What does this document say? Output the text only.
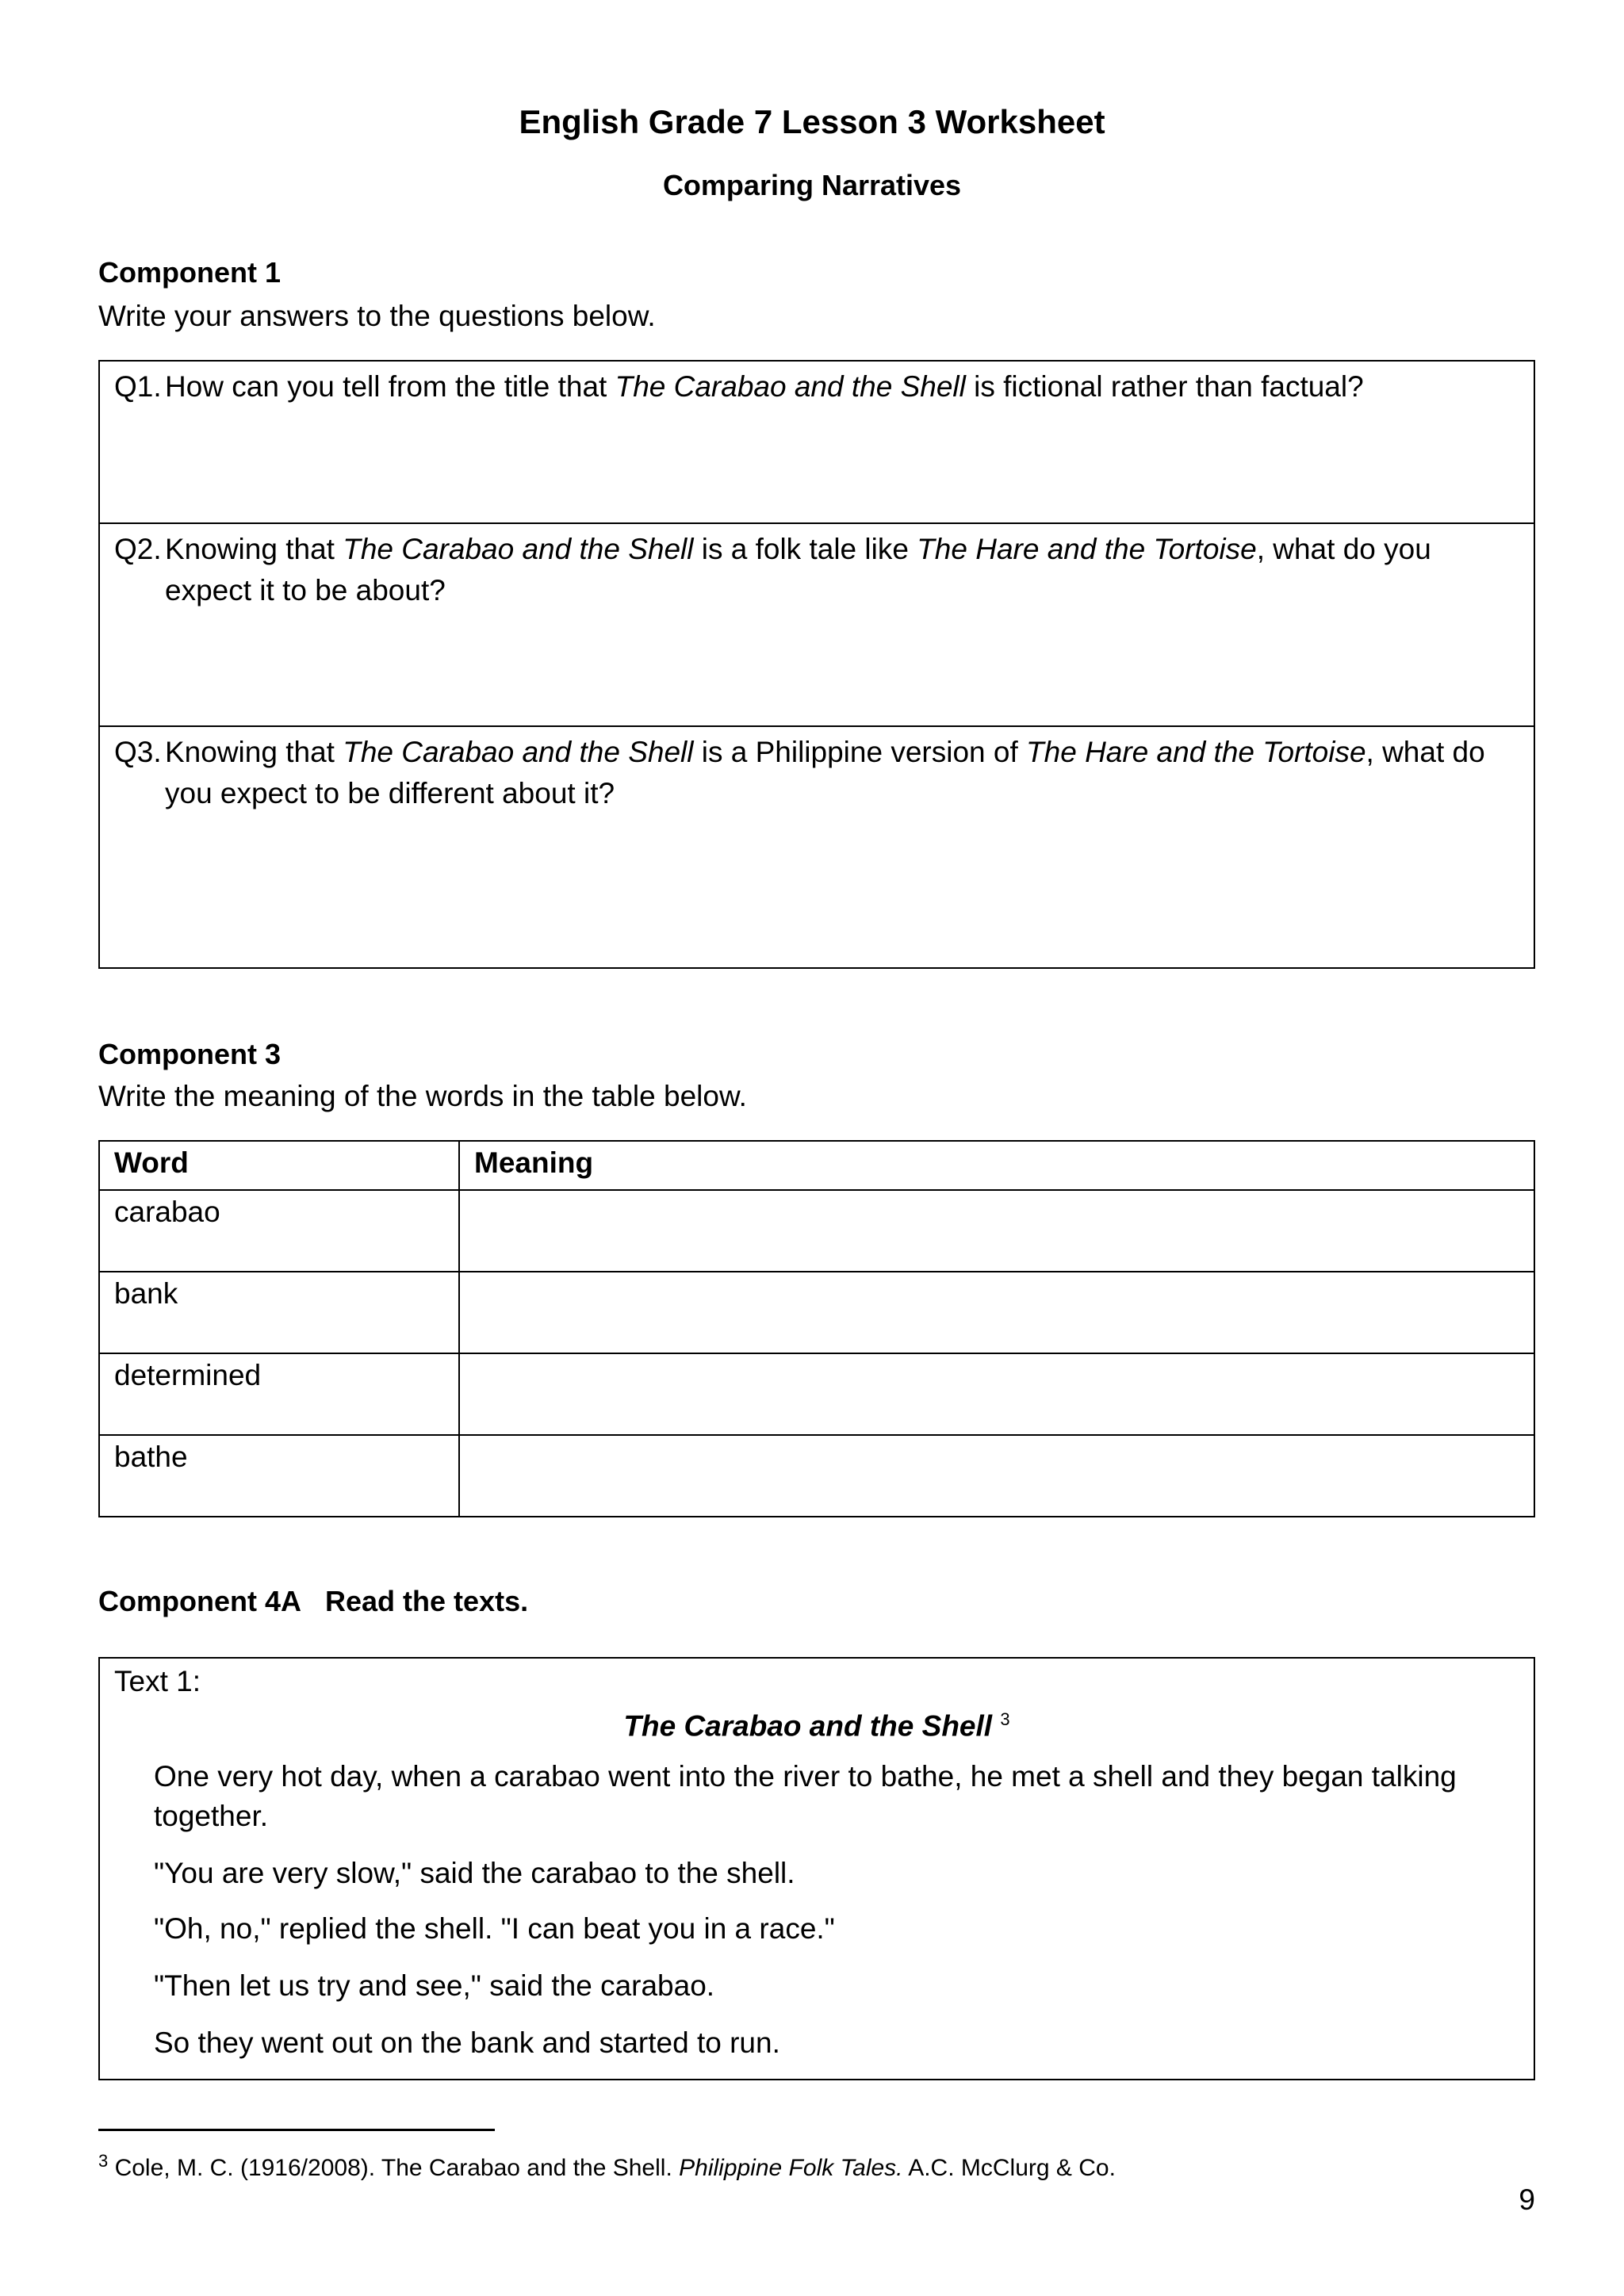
English Grade 7 Lesson 3 Worksheet
Comparing Narratives
Component 1
Write your answers to the questions below.
Q1. How can you tell from the title that The Carabao and the Shell is fictional rather than factual?
Q2. Knowing that The Carabao and the Shell is a folk tale like The Hare and the Tortoise, what do you expect it to be about?
Q3. Knowing that The Carabao and the Shell is a Philippine version of The Hare and the Tortoise, what do you expect to be different about it?
Component 3
Write the meaning of the words in the table below.
Word	Meaning
carabao	
bank	
determined	
bathe	
Component 4A Read the texts.
Text 1:
The Carabao and the Shell $^3$
One very hot day, when a carabao went into the river to bathe, he met a shell and they began talking together.
"You are very slow," said the carabao to the shell.
"Oh, no," replied the shell. "I can beat you in a race."
"Then let us try and see," said the carabao.
So they went out on the bank and started to run.
$^3$ Cole, M. C. (1916/2008). The Carabao and the Shell. Philippine Folk Tales. A.C. McClurg & Co.
9
